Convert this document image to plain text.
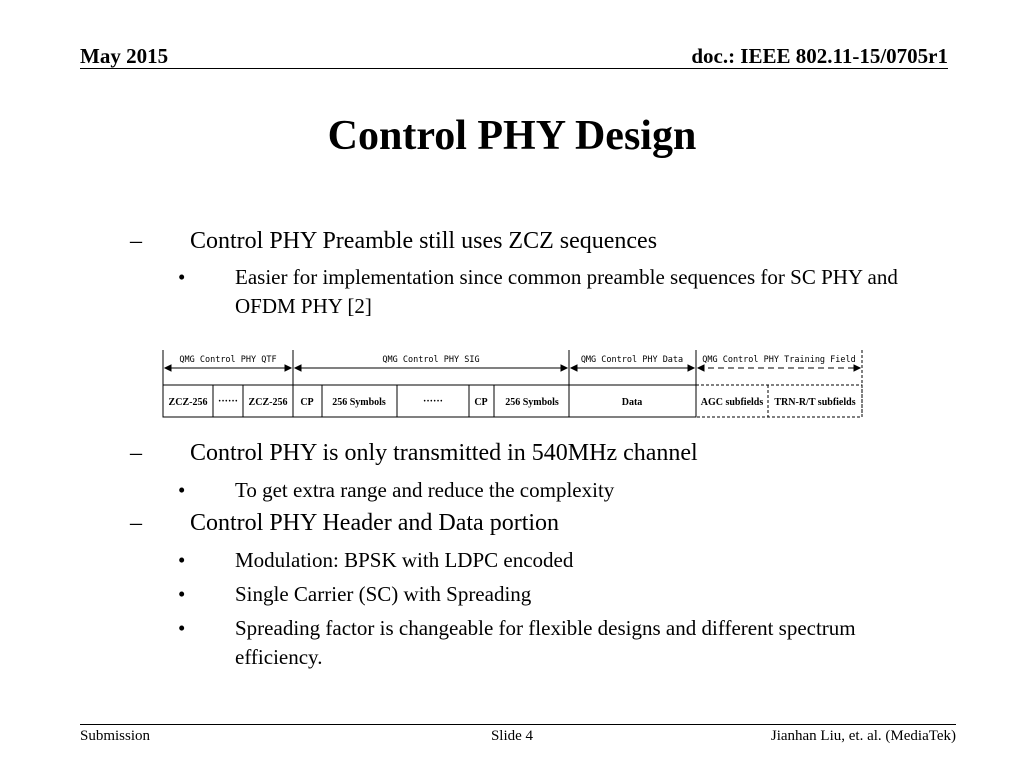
May 2015	doc.: IEEE 802.11-15/0705r1
Control PHY Design
– Control PHY Preamble still uses ZCZ sequences
• Easier for implementation since common preamble sequences for SC PHY and OFDM PHY [2]
QMG Control PHY QTF	QMG Control PHY SIG	QMG Control PHY Data QMG Control PHY Training Field
ZCZ-256 ······ ZCZ-256 CP 256 Symbols	······	CP 256 Symbols	Data	AGC subfields TRN-R/T subfields
– Control PHY is only transmitted in 540MHz channel
• To get extra range and reduce the complexity
– Control PHY Header and Data portion
• Modulation: BPSK with LDPC encoded
• Single Carrier (SC) with Spreading
• Spreading factor is changeable for flexible designs and different spectrum efficiency.
Submission	Slide 4	Jianhan Liu, et. al. (MediaTek)
